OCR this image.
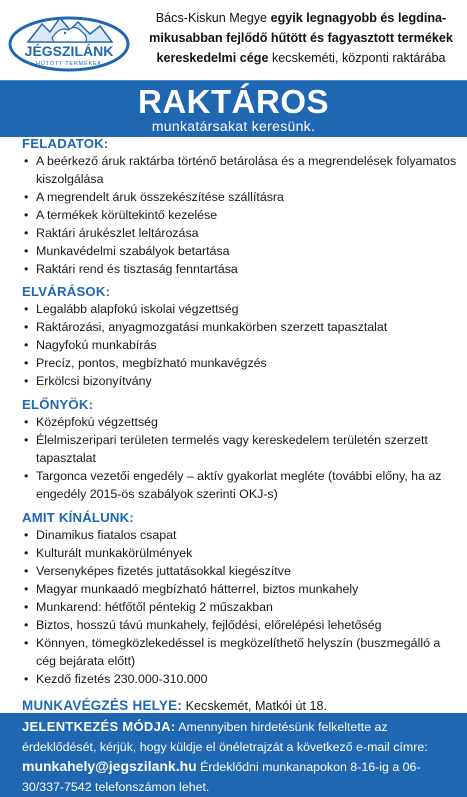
JÉGSZILÁNK
HŰTŐTT TERMÉKEK
Bács-Kiskun Megye egyik legnagyobb és legdina-mikusabban fejlődő hűtött és fagyasztott termékek kereskedelmi cége kecskeméti, központi raktárába
RAKTÁROS
munkatársakat keresünk.
FELADATOK:
• A beérkező áruk raktárba történő betárolása és a megrendelések folyamatos kiszolgálása
• A megrendelt áruk összekészítése szállításra
• A termékek körültekintő kezelése
• Raktári árukészlet leltározása
• Munkavédelmi szabályok betartása
• Raktári rend és tisztaság fenntartása
ELVÁRÁSOK:
• Legalább alapfokú iskolai végzettség
• Raktározási, anyagmozgatási munkakörben szerzett tapasztalat
• Nagyfokú munkabírás
• Precíz, pontos, megbízható munkavégzés
• Erkölcsi bizonyítvány
ELŐNYÖK:
• Középfokú végzettség
• Élelmiszeripari területen termelés vagy kereskedelem területén szerzett tapasztalat
• Targonca vezetői engedély – aktív gyakorlat megléte (további előny, ha az engedély 2015-ös szabályok szerinti OKJ-s)
AMIT KÍNÁLUNK:
• Dinamikus fiatalos csapat
• Kulturált munkakörülmények
• Versenyképes fizetés juttatásokkal kiegészítve
• Magyar munkaadó megbízható hátterrel, biztos munkahely
• Munkarend: hétfőtől péntekig 2 műszakban
• Biztos, hosszú távú munkahely, fejlődési, előrelépési lehetőség
• Könnyen, tömegközlekedéssel is megközelíthető helyszín (buszmegálló a cég bejárata előtt)
• Kezdő fizetés 230.000-310.000
MUNKAVÉGZÉS HELYE: Kecskemét, Matkói út 18.
JELENTKEZÉS MÓDJA: Amennyiben hirdetésünk felkeltette az érdeklődését, kérjük, hogy küldje el önéletrajzát a következő e-mail címre: munkahely@jegszilank.hu Érdeklődni munkanapokon 8-16-ig a 06-30/337-7542 telefonszámon lehet.
